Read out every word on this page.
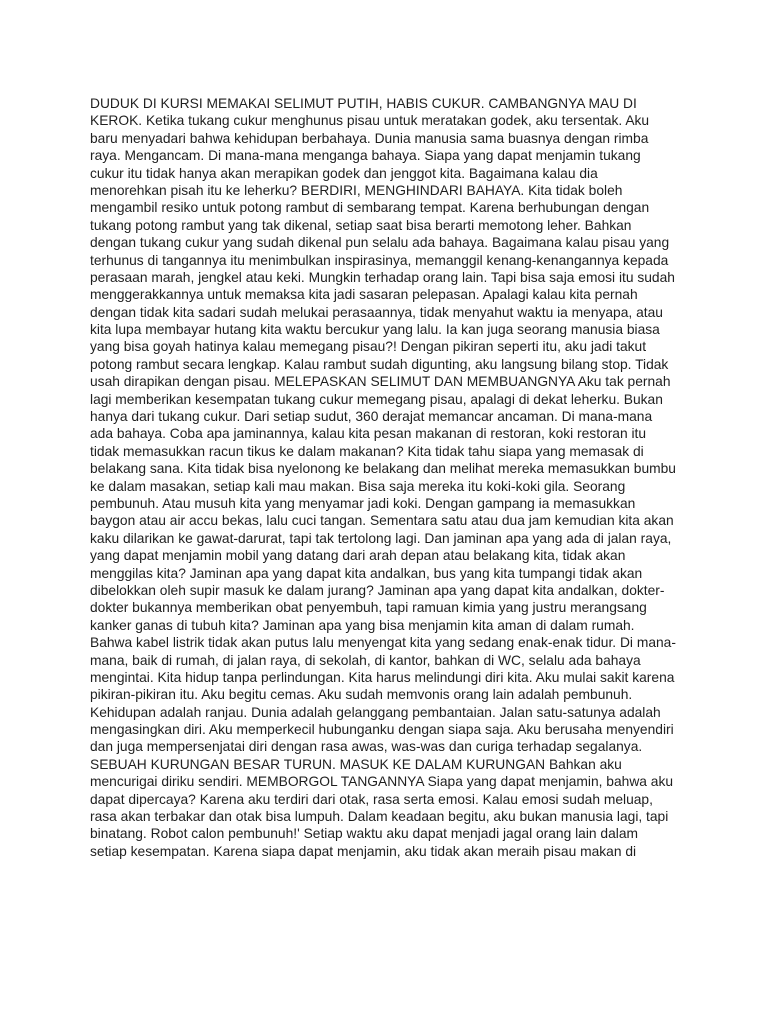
DUDUK DI KURSI MEMAKAI SELIMUT PUTIH, HABIS CUKUR. CAMBANGNYA MAU DI
KEROK. Ketika tukang cukur menghunus pisau untuk meratakan godek, aku tersentak. Aku
baru menyadari bahwa kehidupan berbahaya. Dunia manusia sama buasnya dengan rimba
raya. Mengancam. Di mana-mana menganga bahaya. Siapa yang dapat menjamin tukang
cukur itu tidak hanya akan merapikan godek dan jenggot kita. Bagaimana kalau dia
menorehkan pisah itu ke leherku? BERDIRI, MENGHINDARI BAHAYA. Kita tidak boleh
mengambil resiko untuk potong rambut di sembarang tempat. Karena berhubungan dengan
tukang potong rambut yang tak dikenal, setiap saat bisa berarti memotong leher. Bahkan
dengan tukang cukur yang sudah dikenal pun selalu ada bahaya. Bagaimana kalau pisau yang
terhunus di tangannya itu menimbulkan inspirasinya, memanggil kenang-kenangannya kepada
perasaan marah, jengkel atau keki. Mungkin terhadap orang lain. Tapi bisa saja emosi itu sudah
menggerakkannya untuk memaksa kita jadi sasaran pelepasan. Apalagi kalau kita pernah
dengan tidak kita sadari sudah melukai perasaannya, tidak menyahut waktu ia menyapa, atau
kita lupa membayar hutang kita waktu bercukur yang lalu. Ia kan juga seorang manusia biasa
yang bisa goyah hatinya kalau memegang pisau?! Dengan pikiran seperti itu, aku jadi takut
potong rambut secara lengkap. Kalau rambut sudah digunting, aku langsung bilang stop. Tidak
usah dirapikan dengan pisau. MELEPASKAN SELIMUT DAN MEMBUANGNYA Aku tak pernah
lagi memberikan kesempatan tukang cukur memegang pisau, apalagi di dekat leherku. Bukan
hanya dari tukang cukur. Dari setiap sudut, 360 derajat memancar ancaman. Di mana-mana
ada bahaya. Coba apa jaminannya, kalau kita pesan makanan di restoran, koki restoran itu
tidak memasukkan racun tikus ke dalam makanan? Kita tidak tahu siapa yang memasak di
belakang sana. Kita tidak bisa nyelonong ke belakang dan melihat mereka memasukkan bumbu
ke dalam masakan, setiap kali mau makan. Bisa saja mereka itu koki-koki gila. Seorang
pembunuh. Atau musuh kita yang menyamar jadi koki. Dengan gampang ia memasukkan
baygon atau air accu bekas, lalu cuci tangan. Sementara satu atau dua jam kemudian kita akan
kaku dilarikan ke gawat-darurat, tapi tak tertolong lagi. Dan jaminan apa yang ada di jalan raya,
yang dapat menjamin mobil yang datang dari arah depan atau belakang kita, tidak akan
menggilas kita? Jaminan apa yang dapat kita andalkan, bus yang kita tumpangi tidak akan
dibelokkan oleh supir masuk ke dalam jurang? Jaminan apa yang dapat kita andalkan, dokter-
dokter bukannya memberikan obat penyembuh, tapi ramuan kimia yang justru merangsang
kanker ganas di tubuh kita? Jaminan apa yang bisa menjamin kita aman di dalam rumah.
Bahwa kabel listrik tidak akan putus lalu menyengat kita yang sedang enak-enak tidur. Di mana-
mana, baik di rumah, di jalan raya, di sekolah, di kantor, bahkan di WC, selalu ada bahaya
mengintai. Kita hidup tanpa perlindungan. Kita harus melindungi diri kita. Aku mulai sakit karena
pikiran-pikiran itu. Aku begitu cemas. Aku sudah memvonis orang lain adalah pembunuh.
Kehidupan adalah ranjau. Dunia adalah gelanggang pembantaian. Jalan satu-satunya adalah
mengasingkan diri. Aku memperkecil hubunganku dengan siapa saja. Aku berusaha menyendiri
dan juga mempersenjatai diri dengan rasa awas, was-was dan curiga terhadap segalanya.
SEBUAH KURUNGAN BESAR TURUN. MASUK KE DALAM KURUNGAN Bahkan aku
mencurigai diriku sendiri. MEMBORGOL TANGANNYA Siapa yang dapat menjamin, bahwa aku
dapat dipercaya? Karena aku terdiri dari otak, rasa serta emosi. Kalau emosi sudah meluap,
rasa akan terbakar dan otak bisa lumpuh. Dalam keadaan begitu, aku bukan manusia lagi, tapi
binatang. Robot calon pembunuh!' Setiap waktu aku dapat menjadi jagal orang lain dalam
setiap kesempatan. Karena siapa dapat menjamin, aku tidak akan meraih pisau makan di
